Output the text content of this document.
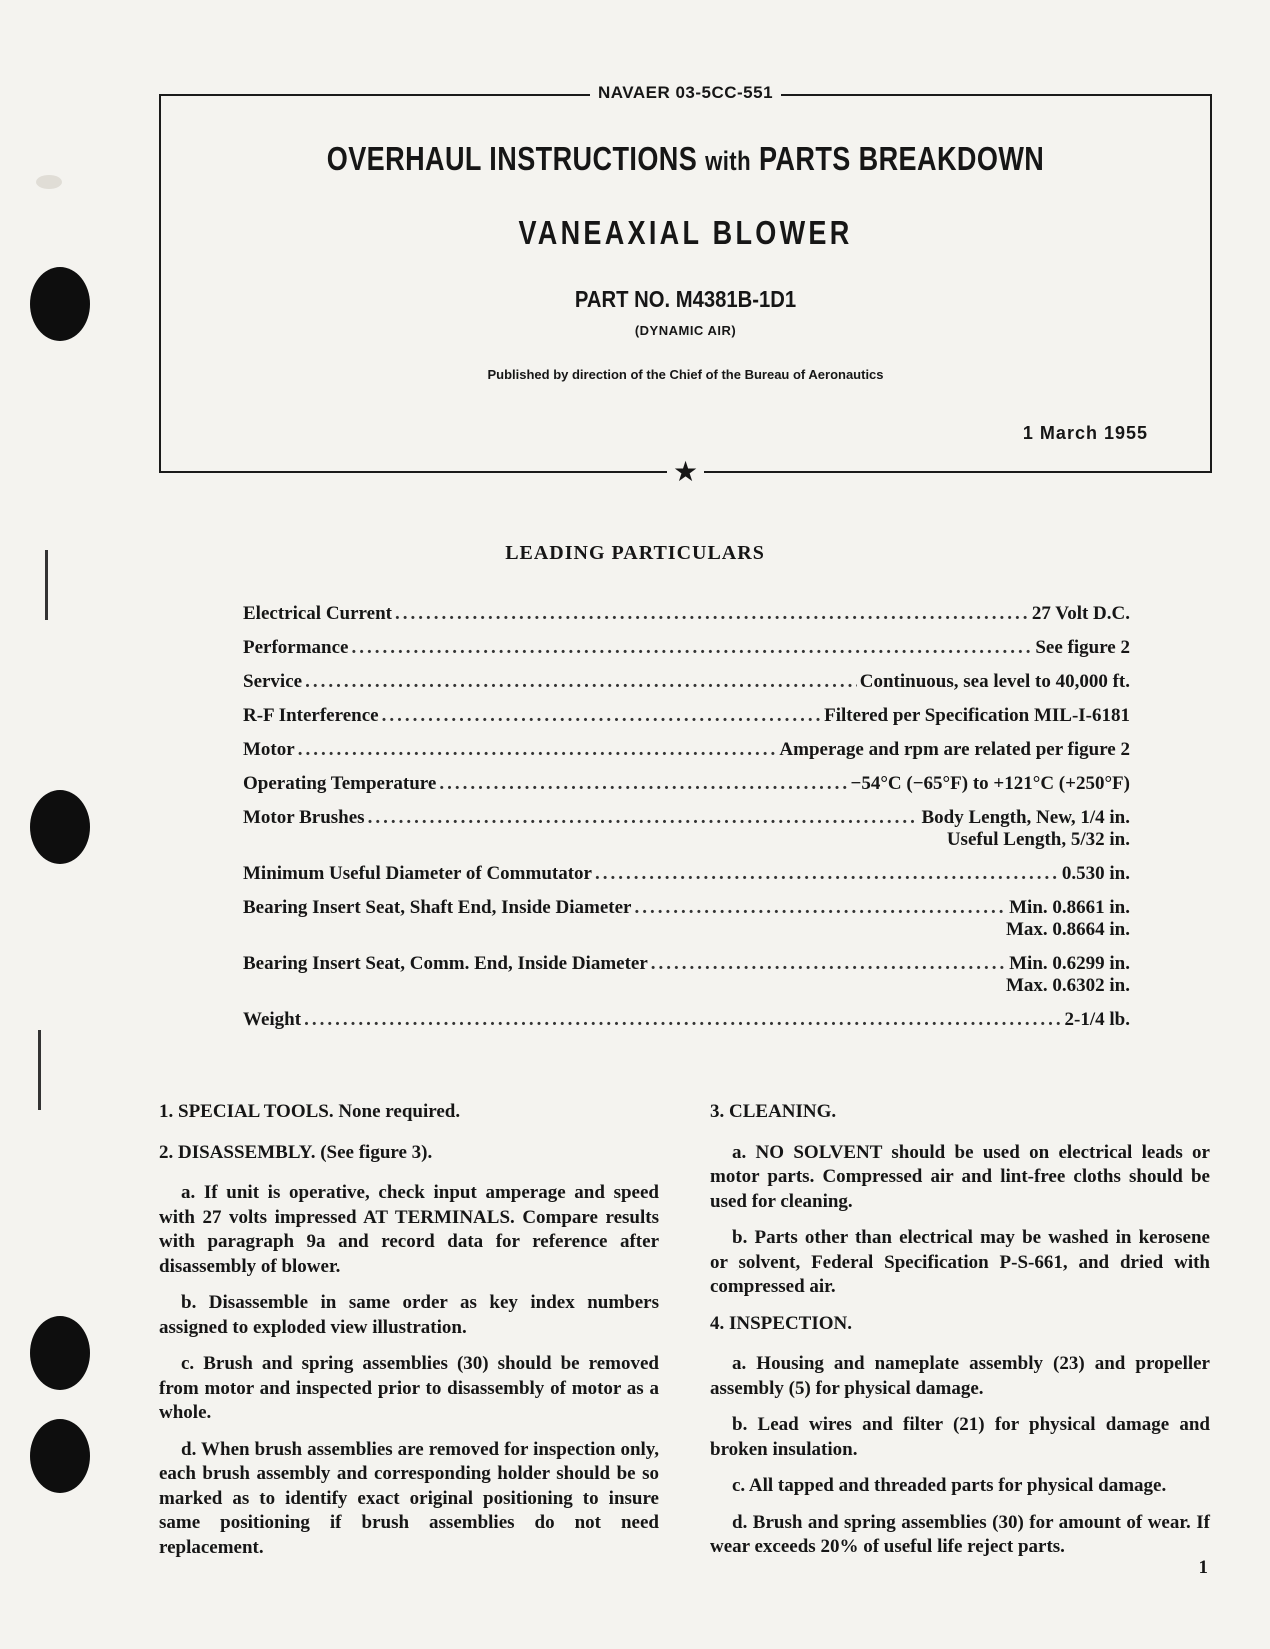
NAVAER 03-5CC-551
OVERHAUL INSTRUCTIONS with PARTS BREAKDOWN
VANEAXIAL BLOWER
PART NO. M4381B-1D1
(DYNAMIC AIR)
Published by direction of the Chief of the Bureau of Aeronautics
1 March 1955
★
LEADING PARTICULARS
Electrical Current .....	27 Volt D.C.
Performance .....	See figure 2
Service .....	Continuous, sea level to 40,000 ft.
R-F Interference .....	Filtered per Specification MIL-I-6181
Motor .....	Amperage and rpm are related per figure 2
Operating Temperature .....	−54°C (−65°F) to +121°C (+250°F)
Motor Brushes .....	Body Length, New, 1/4 in.
Useful Length, 5/32 in.
Minimum Useful Diameter of Commutator .....	0.530 in.
Bearing Insert Seat, Shaft End, Inside Diameter .....	Min. 0.8661 in.
Max. 0.8664 in.
Bearing Insert Seat, Comm. End, Inside Diameter .....	Min. 0.6299 in.
Max. 0.6302 in.
Weight .....	2-1/4 lb.
1. SPECIAL TOOLS. None required.
2. DISASSEMBLY. (See figure 3).

a. If unit is operative, check input amperage and speed with 27 volts impressed AT TERMINALS. Compare results with paragraph 9a and record data for reference after disassembly of blower.

b. Disassemble in same order as key index numbers assigned to exploded view illustration.

c. Brush and spring assemblies (30) should be removed from motor and inspected prior to disassembly of motor as a whole.

d. When brush assemblies are removed for inspection only, each brush assembly and corresponding holder should be so marked as to identify exact original positioning to insure same positioning if brush assemblies do not need replacement.

3. CLEANING.

a. NO SOLVENT should be used on electrical leads or motor parts. Compressed air and lint-free cloths should be used for cleaning.

b. Parts other than electrical may be washed in kerosene or solvent, Federal Specification P-S-661, and dried with compressed air.

4. INSPECTION.

a. Housing and nameplate assembly (23) and propeller assembly (5) for physical damage.

b. Lead wires and filter (21) for physical damage and broken insulation.

c. All tapped and threaded parts for physical damage.

d. Brush and spring assemblies (30) for amount of wear. If wear exceeds 20% of useful life reject parts.

1
